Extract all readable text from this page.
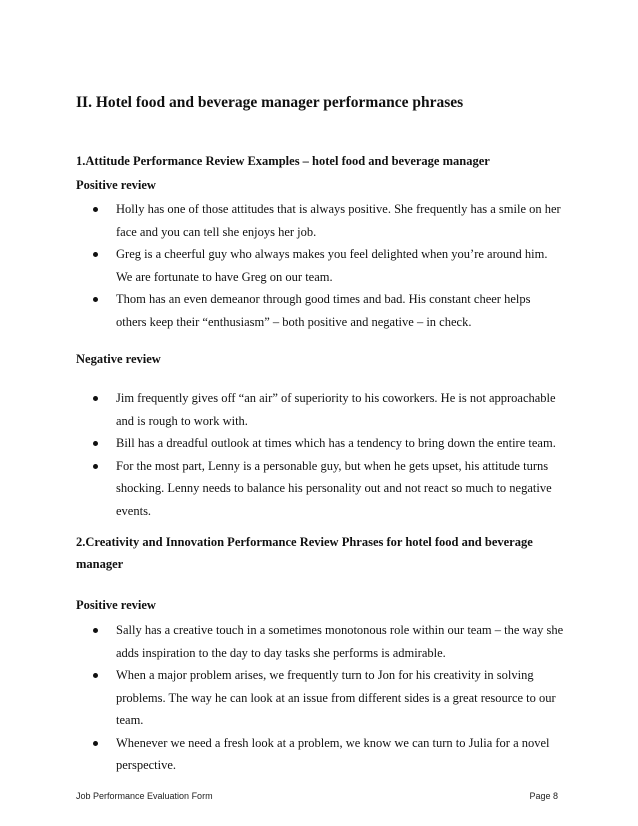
II. Hotel food and beverage manager performance phrases
1.Attitude Performance Review Examples – hotel food and beverage manager
Positive review
Holly has one of those attitudes that is always positive. She frequently has a smile on her face and you can tell she enjoys her job.
Greg is a cheerful guy who always makes you feel delighted when you’re around him. We are fortunate to have Greg on our team.
Thom has an even demeanor through good times and bad. His constant cheer helps others keep their “enthusiasm” – both positive and negative – in check.
Negative review
Jim frequently gives off “an air” of superiority to his coworkers. He is not approachable and is rough to work with.
Bill has a dreadful outlook at times which has a tendency to bring down the entire team.
For the most part, Lenny is a personable guy, but when he gets upset, his attitude turns shocking. Lenny needs to balance his personality out and not react so much to negative events.
2.Creativity and Innovation Performance Review Phrases for hotel food and beverage manager
Positive review
Sally has a creative touch in a sometimes monotonous role within our team – the way she adds inspiration to the day to day tasks she performs is admirable.
When a major problem arises, we frequently turn to Jon for his creativity in solving problems. The way he can look at an issue from different sides is a great resource to our team.
Whenever we need a fresh look at a problem, we know we can turn to Julia for a novel perspective.
Job Performance Evaluation Form	Page 8
